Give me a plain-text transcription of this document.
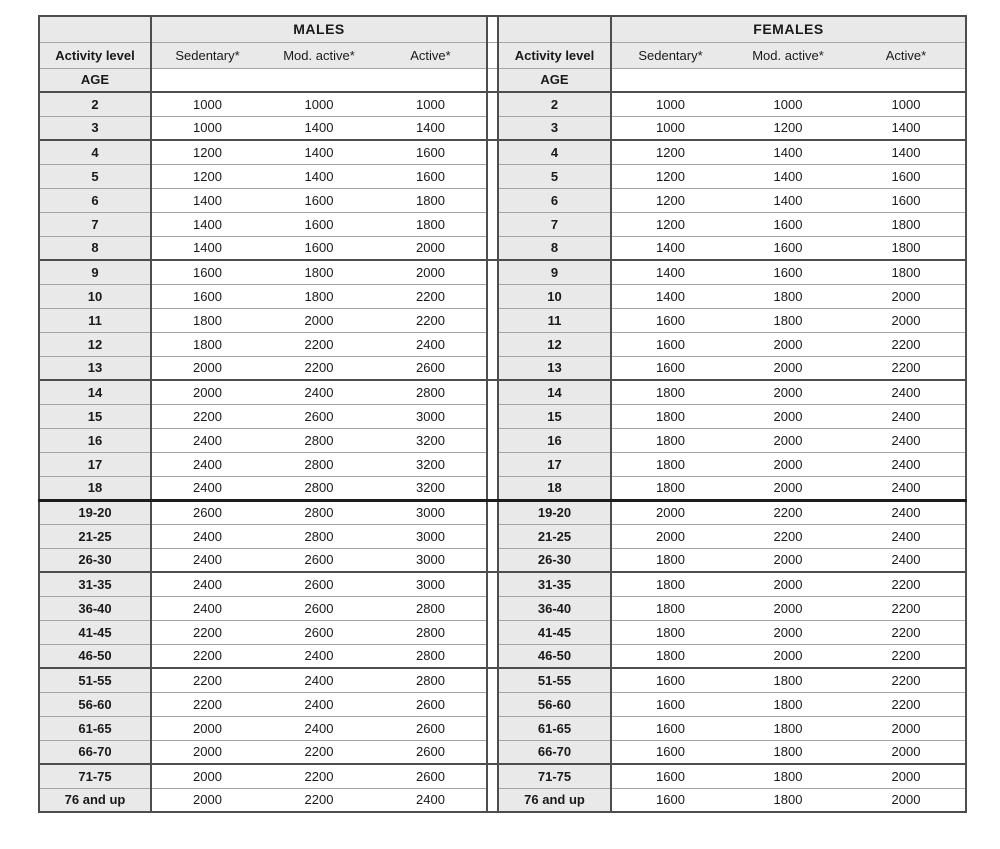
	MALES					FEMALES		
Activity level	Sedentary*	Mod. active*	Active*		Activity level	Sedentary*	Mod. active*	Active*
AGE					AGE			
2	1000	1000	1000		2	1000	1000	1000
3	1000	1400	1400		3	1000	1200	1400
4	1200	1400	1600		4	1200	1400	1400
5	1200	1400	1600		5	1200	1400	1600
6	1400	1600	1800		6	1200	1400	1600
7	1400	1600	1800		7	1200	1600	1800
8	1400	1600	2000		8	1400	1600	1800
9	1600	1800	2000		9	1400	1600	1800
10	1600	1800	2200		10	1400	1800	2000
11	1800	2000	2200		11	1600	1800	2000
12	1800	2200	2400		12	1600	2000	2200
13	2000	2200	2600		13	1600	2000	2200
14	2000	2400	2800		14	1800	2000	2400
15	2200	2600	3000		15	1800	2000	2400
16	2400	2800	3200		16	1800	2000	2400
17	2400	2800	3200		17	1800	2000	2400
18	2400	2800	3200		18	1800	2000	2400
19-20	2600	2800	3000		19-20	2000	2200	2400
21-25	2400	2800	3000		21-25	2000	2200	2400
26-30	2400	2600	3000		26-30	1800	2000	2400
31-35	2400	2600	3000		31-35	1800	2000	2200
36-40	2400	2600	2800		36-40	1800	2000	2200
41-45	2200	2600	2800		41-45	1800	2000	2200
46-50	2200	2400	2800		46-50	1800	2000	2200
51-55	2200	2400	2800		51-55	1600	1800	2200
56-60	2200	2400	2600		56-60	1600	1800	2200
61-65	2000	2400	2600		61-65	1600	1800	2000
66-70	2000	2200	2600		66-70	1600	1800	2000
71-75	2000	2200	2600		71-75	1600	1800	2000
76 and up	2000	2200	2400		76 and up	1600	1800	2000
